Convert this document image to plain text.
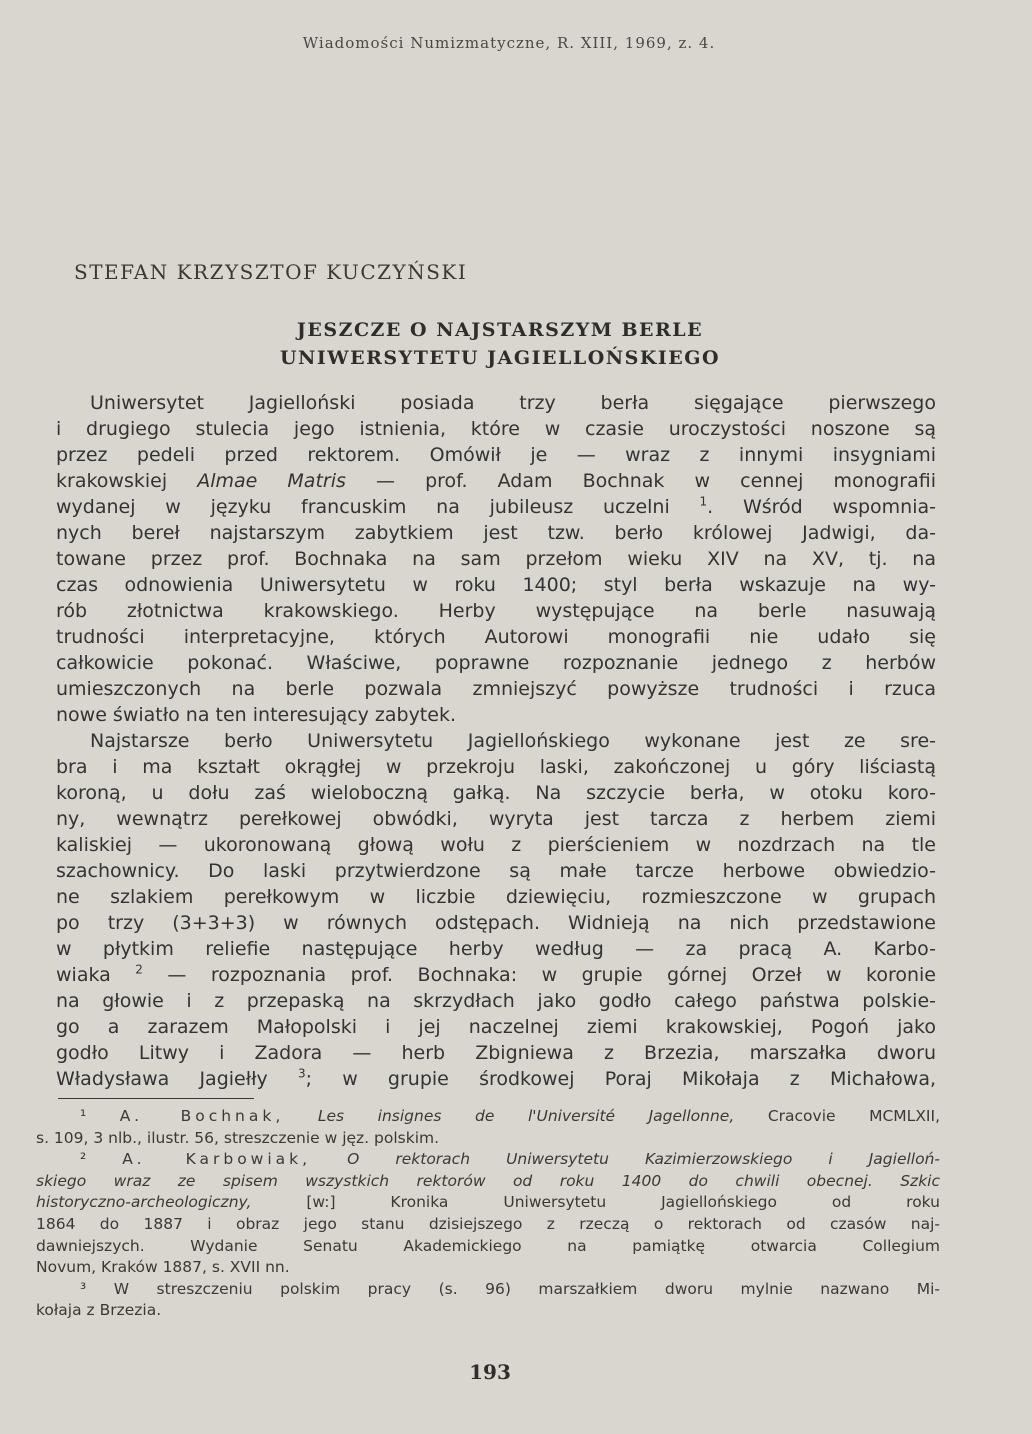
Wiadomości Numizmatyczne, R. XIII, 1969, z. 4.
STEFAN KRZYSZTOF KUCZYŃSKI
JESZCZE O NAJSTARSZYM BERLE
UNIWERSYTETU JAGIELLOŃSKIEGO
Uniwersytet Jagielloński posiada trzy berła sięgające pierwszego
i drugiego stulecia jego istnienia, które w czasie uroczystości noszone są
przez pedeli przed rektorem. Omówił je — wraz z innymi insygniami
krakowskiej Almae Matris — prof. Adam Bochnak w cennej monografii
wydanej w języku francuskim na jubileusz uczelni $^1$. Wśród wspomnia-
nych bereł najstarszym zabytkiem jest tzw. berło królowej Jadwigi, da-
towane przez prof. Bochnaka na sam przełom wieku XIV na XV, tj. na
czas odnowienia Uniwersytetu w roku 1400; styl berła wskazuje na wy-
rób złotnictwa krakowskiego. Herby występujące na berle nasuwają
trudności interpretacyjne, których Autorowi monografii nie udało się
całkowicie pokonać. Właściwe, poprawne rozpoznanie jednego z herbów
umieszczonych na berle pozwala zmniejszyć powyższe trudności i rzuca
nowe światło na ten interesujący zabytek.
Najstarsze berło Uniwersytetu Jagiellońskiego wykonane jest ze sre-
bra i ma kształt okrągłej w przekroju laski, zakończonej u góry liściastą
koroną, u dołu zaś wieloboczną gałką. Na szczycie berła, w otoku koro-
ny, wewnątrz perełkowej obwódki, wyryta jest tarcza z herbem ziemi
kaliskiej — ukoronowaną głową wołu z pierścieniem w nozdrzach na tle
szachownicy. Do laski przytwierdzone są małe tarcze herbowe obwiedzio-
ne szlakiem perełkowym w liczbie dziewięciu, rozmieszczone w grupach
po trzy (3+3+3) w równych odstępach. Widnieją na nich przedstawione
w płytkim reliefie następujące herby według — za pracą A. Karbo-
wiaka $^2$ — rozpoznania prof. Bochnaka: w grupie górnej Orzeł w koronie
na głowie i z przepaską na skrzydłach jako godło całego państwa polskie-
go a zarazem Małopolski i jej naczelnej ziemi krakowskiej, Pogoń jako
godło Litwy i Zadora — herb Zbigniewa z Brzezia, marszałka dworu
Władysława Jagiełły $^3$; w grupie środkowej Poraj Mikołaja z Michałowa,
¹ A. Bochnak, Les insignes de l'Université Jagellonne, Cracovie MCMLXII,
s. 109, 3 nlb., ilustr. 56, streszczenie w jęz. polskim.
² A. Karbowiak, O rektorach Uniwersytetu Kazimierzowskiego i Jagielloń-
skiego wraz ze spisem wszystkich rektorów od roku 1400 do chwili obecnej. Szkic
historyczno-archeologiczny, [w:] Kronika Uniwersytetu Jagiellońskiego od roku
1864 do 1887 i obraz jego stanu dzisiejszego z rzeczą o rektorach od czasów naj-
dawniejszych. Wydanie Senatu Akademickiego na pamiątkę otwarcia Collegium
Novum, Kraków 1887, s. XVII nn.
³ W streszczeniu polskim pracy (s. 96) marszałkiem dworu mylnie nazwano Mi-
kołaja z Brzezia.
193
